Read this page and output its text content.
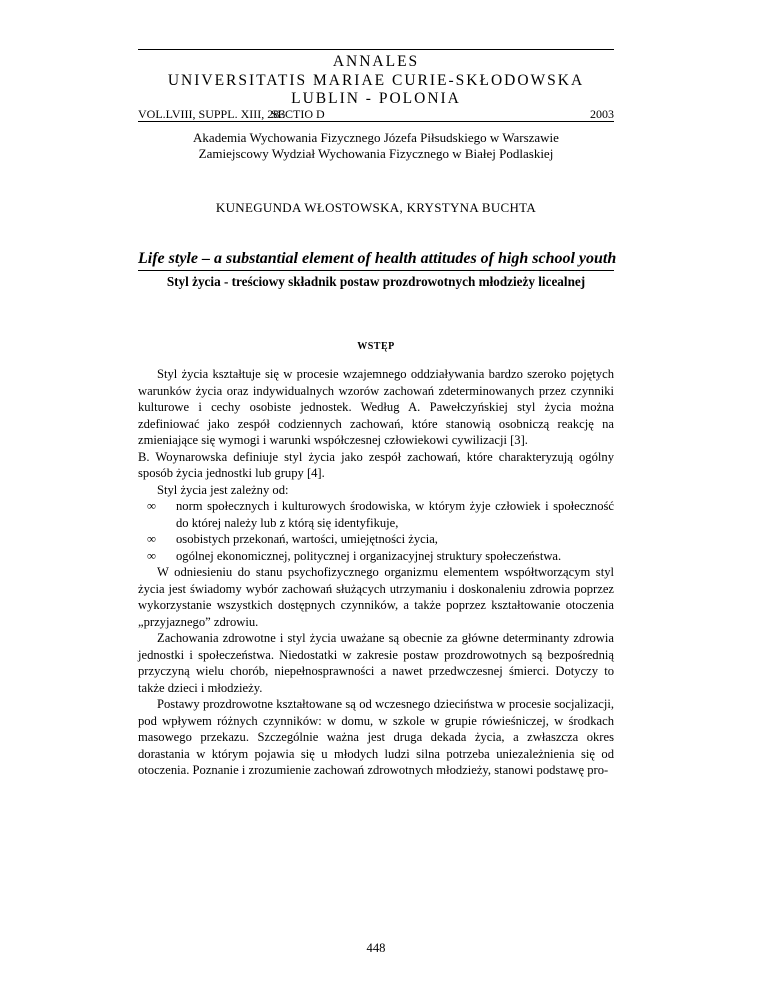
ANNALES
UNIVERSITATIS MARIAE CURIE-SKŁODOWSKA
LUBLIN - POLONIA
VOL.LVIII, SUPPL. XIII, 283
SECTIO D	2003
Akademia Wychowania Fizycznego Józefa Piłsudskiego w Warszawie
Zamiejscowy Wydział Wychowania Fizycznego w Białej Podlaskiej
KUNEGUNDA WŁOSTOWSKA, KRYSTYNA BUCHTA
Life style – a substantial element of health attitudes of high school youth
Styl życia - treściowy składnik postaw prozdrowotnych młodzieży licealnej
WSTĘP

Styl życia kształtuje się w procesie wzajemnego oddziaływania bardzo szeroko pojętych warunków życia oraz indywidualnych wzorów zachowań zdeterminowanych przez czynniki kulturowe i cechy osobiste jednostek. Według A. Pawełczyńskiej styl życia można zdefiniować jako zespół codziennych zachowań, które stanowią osobniczą reakcję na zmieniające się wymogi i warunki współczesnej człowiekowi cywilizacji [3].

B. Woynarowska definiuje styl życia jako zespół zachowań, które charakteryzują ogólny sposób życia jednostki lub grupy [4].

Styl życia jest zależny od:

∞ norm społecznych i kulturowych środowiska, w którym żyje człowiek i społeczność do której należy lub z którą się identyfikuje,
∞ osobistych przekonań, wartości, umiejętności życia,
∞ ogólnej ekonomicznej, politycznej i organizacyjnej struktury społeczeństwa.

W odniesieniu do stanu psychofizycznego organizmu elementem współtworzącym styl życia jest świadomy wybór zachowań służących utrzymaniu i doskonaleniu zdrowia poprzez wykorzystanie wszystkich dostępnych czynników, a także poprzez kształtowanie otoczenia „przyjaznego” zdrowiu.

Zachowania zdrowotne i styl życia uważane są obecnie za główne determinanty zdrowia jednostki i społeczeństwa. Niedostatki w zakresie postaw prozdrowotnych są bezpośrednią przyczyną wielu chorób, niepełnosprawności a nawet przedwczesnej śmierci. Dotyczy to także dzieci i młodzieży.

Postawy prozdrowotne kształtowane są od wczesnego dzieciństwa w procesie socjalizacji, pod wpływem różnych czynników: w domu, w szkole w grupie rówieśniczej, w środkach masowego przekazu. Szczególnie ważna jest druga dekada życia, a zwłaszcza okres dorastania w którym pojawia się u młodych ludzi silna potrzeba uniezależnienia się od otoczenia. Poznanie i zrozumienie zachowań zdrowotnych młodzieży, stanowi podstawę pro-

448
